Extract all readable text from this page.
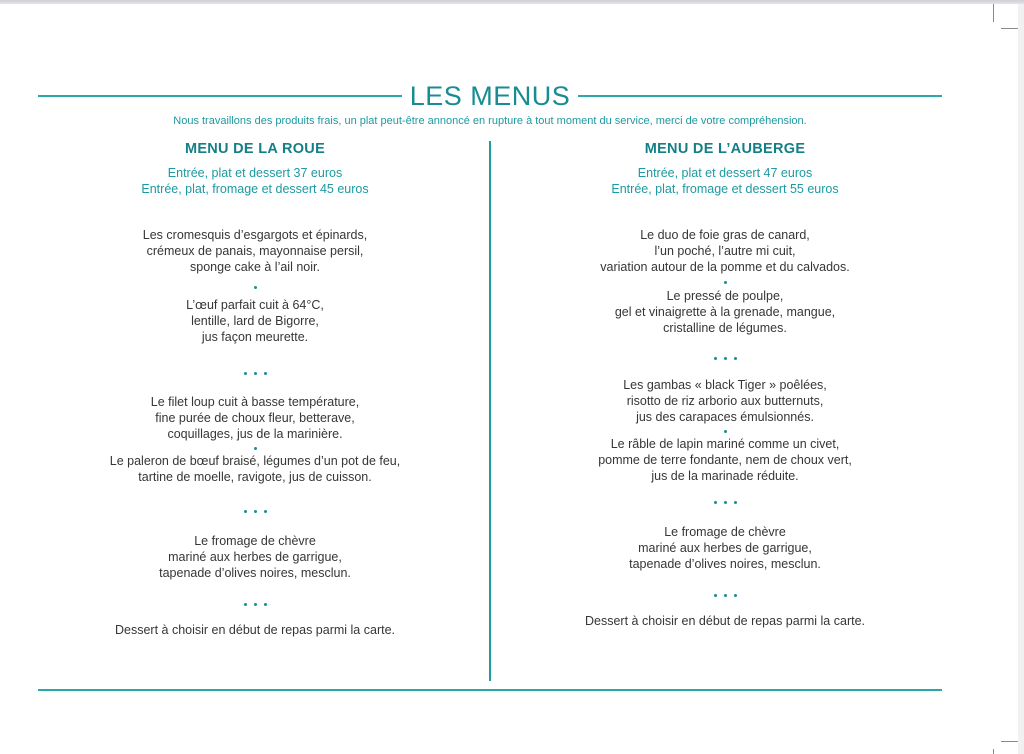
LES MENUS
Nous travaillons des produits frais, un plat peut-être annoncé en rupture à tout moment du service, merci de votre compréhension.
MENU DE LA ROUE
Entrée, plat et dessert 37 euros
Entrée, plat, fromage et dessert 45 euros
Les cromesquis d’esgargots et épinards,
crémeux de panais, mayonnaise persil,
sponge cake à l’ail noir.
L’œuf parfait cuit à 64°C,
lentille, lard de Bigorre,
jus façon meurette.
Le filet loup cuit à basse température,
fine purée de choux fleur, betterave,
coquillages, jus de la marinière.
Le paleron de bœuf braisé, légumes d’un pot de feu,
tartine de moelle, ravigote, jus de cuisson.
Le fromage de chèvre
mariné aux herbes de garrigue,
tapenade d’olives noires, mesclun.
Dessert à choisir en début de repas parmi la carte.
MENU DE L’AUBERGE
Entrée, plat et dessert 47 euros
Entrée, plat, fromage et dessert 55 euros
Le duo de foie gras de canard,
l’un poché, l’autre mi cuit,
variation autour de la pomme et du calvados.
Le pressé de poulpe,
gel et vinaigrette à la grenade, mangue,
cristalline de légumes.
Les gambas « black Tiger » poêlées,
risotto de riz arborio aux butternuts,
jus des carapaces émulsionnés.
Le râble de lapin mariné comme un civet,
pomme de terre fondante, nem de choux vert,
jus de la marinade réduite.
Le fromage de chèvre
mariné aux herbes de garrigue,
tapenade d’olives noires, mesclun.
Dessert à choisir en début de repas parmi la carte.
